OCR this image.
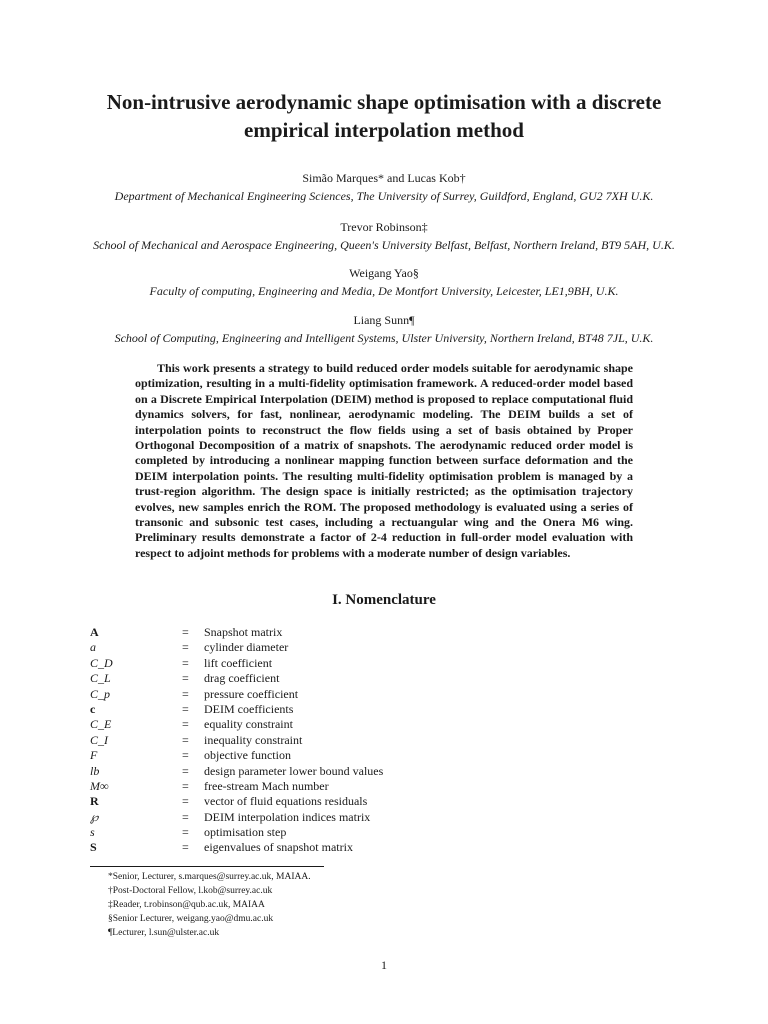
Non-intrusive aerodynamic shape optimisation with a discrete
empirical interpolation method
Simão Marques* and Lucas Kob†
Department of Mechanical Engineering Sciences, The University of Surrey, Guildford, England, GU2 7XH U.K.
Trevor Robinson‡
School of Mechanical and Aerospace Engineering, Queen's University Belfast, Belfast, Northern Ireland, BT9 5AH, U.K.
Weigang Yao§
Faculty of computing, Engineering and Media, De Montfort University, Leicester, LE1,9BH, U.K.
Liang Sunn¶
School of Computing, Engineering and Intelligent Systems, Ulster University, Northern Ireland, BT48 7JL, U.K.
This work presents a strategy to build reduced order models suitable for aerodynamic shape optimization, resulting in a multi-fidelity optimisation framework. A reduced-order model based on a Discrete Empirical Interpolation (DEIM) method is proposed to replace computational fluid dynamics solvers, for fast, nonlinear, aerodynamic modeling. The DEIM builds a set of interpolation points to reconstruct the flow fields using a set of basis obtained by Proper Orthogonal Decomposition of a matrix of snapshots. The aerodynamic reduced order model is completed by introducing a nonlinear mapping function between surface deformation and the DEIM interpolation points. The resulting multi-fidelity optimisation problem is managed by a trust-region algorithm. The design space is initially restricted; as the optimisation trajectory evolves, new samples enrich the ROM. The proposed methodology is evaluated using a series of transonic and subsonic test cases, including a rectuangular wing and the Onera M6 wing. Preliminary results demonstrate a factor of 2-4 reduction in full-order model evaluation with respect to adjoint methods for problems with a moderate number of design variables.
I. Nomenclature
A	= Snapshot matrix
a	= cylinder diameter
C_D	= lift coefficient
C_L	= drag coefficient
C_p	= pressure coefficient
c	= DEIM coefficients
C_E	= equality constraint
C_I	= inequality constraint
F	= objective function
lb	= design parameter lower bound values
M∞	= free-stream Mach number
R	= vector of fluid equations residuals
℘	= DEIM interpolation indices matrix
s	= optimisation step
S	= eigenvalues of snapshot matrix
*Senior, Lecturer, s.marques@surrey.ac.uk, MAIAA.
†Post-Doctoral Fellow, l.kob@surrey.ac.uk
‡Reader, t.robinson@qub.ac.uk, MAIAA
§Senior Lecturer, weigang.yao@dmu.ac.uk
¶Lecturer, l.sun@ulster.ac.uk
1
